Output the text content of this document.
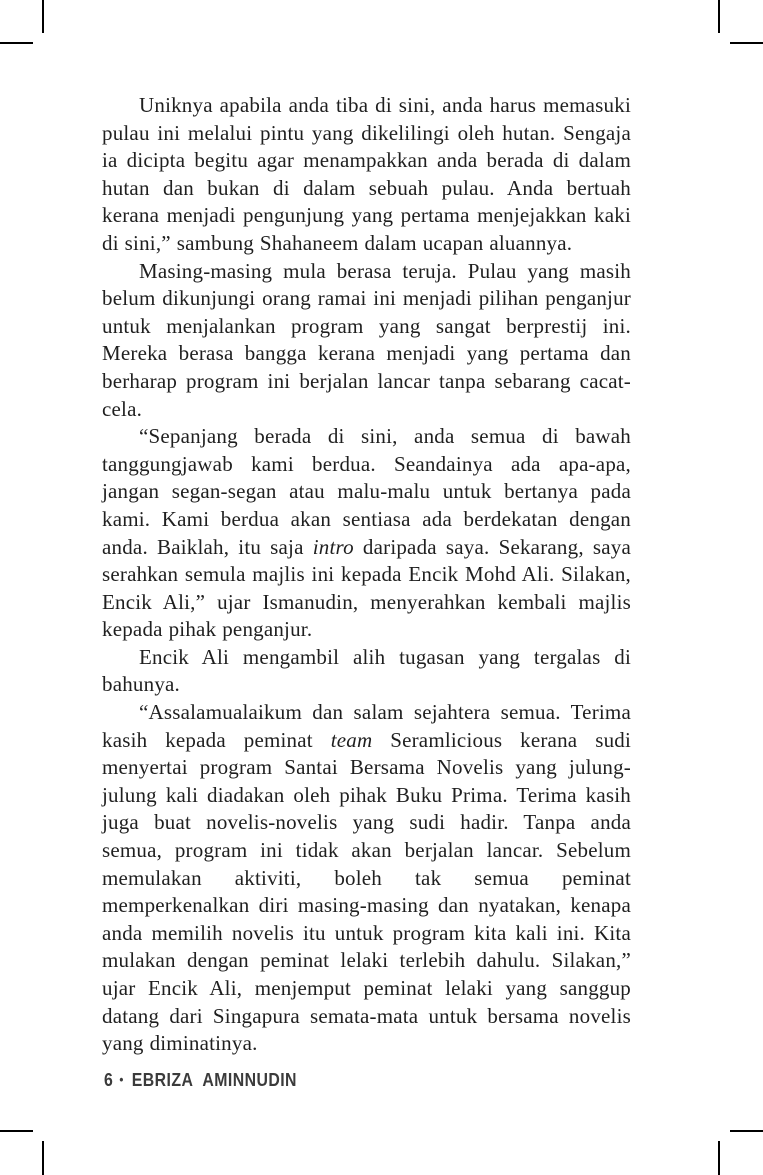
Uniknya apabila anda tiba di sini, anda harus memasuki pulau ini melalui pintu yang dikelilingi oleh hutan. Sengaja ia dicipta begitu agar menampakkan anda berada di dalam hutan dan bukan di dalam sebuah pulau. Anda bertuah kerana menjadi pengunjung yang pertama menjejakkan kaki di sini,” sambung Shahaneem dalam ucapan aluannya.

Masing-masing mula berasa teruja. Pulau yang masih belum dikunjungi orang ramai ini menjadi pilihan penganjur untuk menjalankan program yang sangat berprestij ini. Mereka berasa bangga kerana menjadi yang pertama dan berharap program ini berjalan lancar tanpa sebarang cacat-cela.

“Sepanjang berada di sini, anda semua di bawah tanggungjawab kami berdua. Seandainya ada apa-apa, jangan segan-segan atau malu-malu untuk bertanya pada kami. Kami berdua akan sentiasa ada berdekatan dengan anda. Baiklah, itu saja intro daripada saya. Sekarang, saya serahkan semula majlis ini kepada Encik Mohd Ali. Silakan, Encik Ali,” ujar Ismanudin, menyerahkan kembali majlis kepada pihak penganjur.

Encik Ali mengambil alih tugasan yang tergalas di bahunya.

“Assalamualaikum dan salam sejahtera semua. Terima kasih kepada peminat team Seramlicious kerana sudi menyertai program Santai Bersama Novelis yang julung-julung kali diadakan oleh pihak Buku Prima. Terima kasih juga buat novelis-novelis yang sudi hadir. Tanpa anda semua, program ini tidak akan berjalan lancar. Sebelum memulakan aktiviti, boleh tak semua peminat memperkenalkan diri masing-masing dan nyatakan, kenapa anda memilih novelis itu untuk program kita kali ini. Kita mulakan dengan peminat lelaki terlebih dahulu. Silakan,” ujar Encik Ali, menjemput peminat lelaki yang sanggup datang dari Singapura semata-mata untuk bersama novelis yang diminatinya.

6 • EBRIZA AMINNUDIN
